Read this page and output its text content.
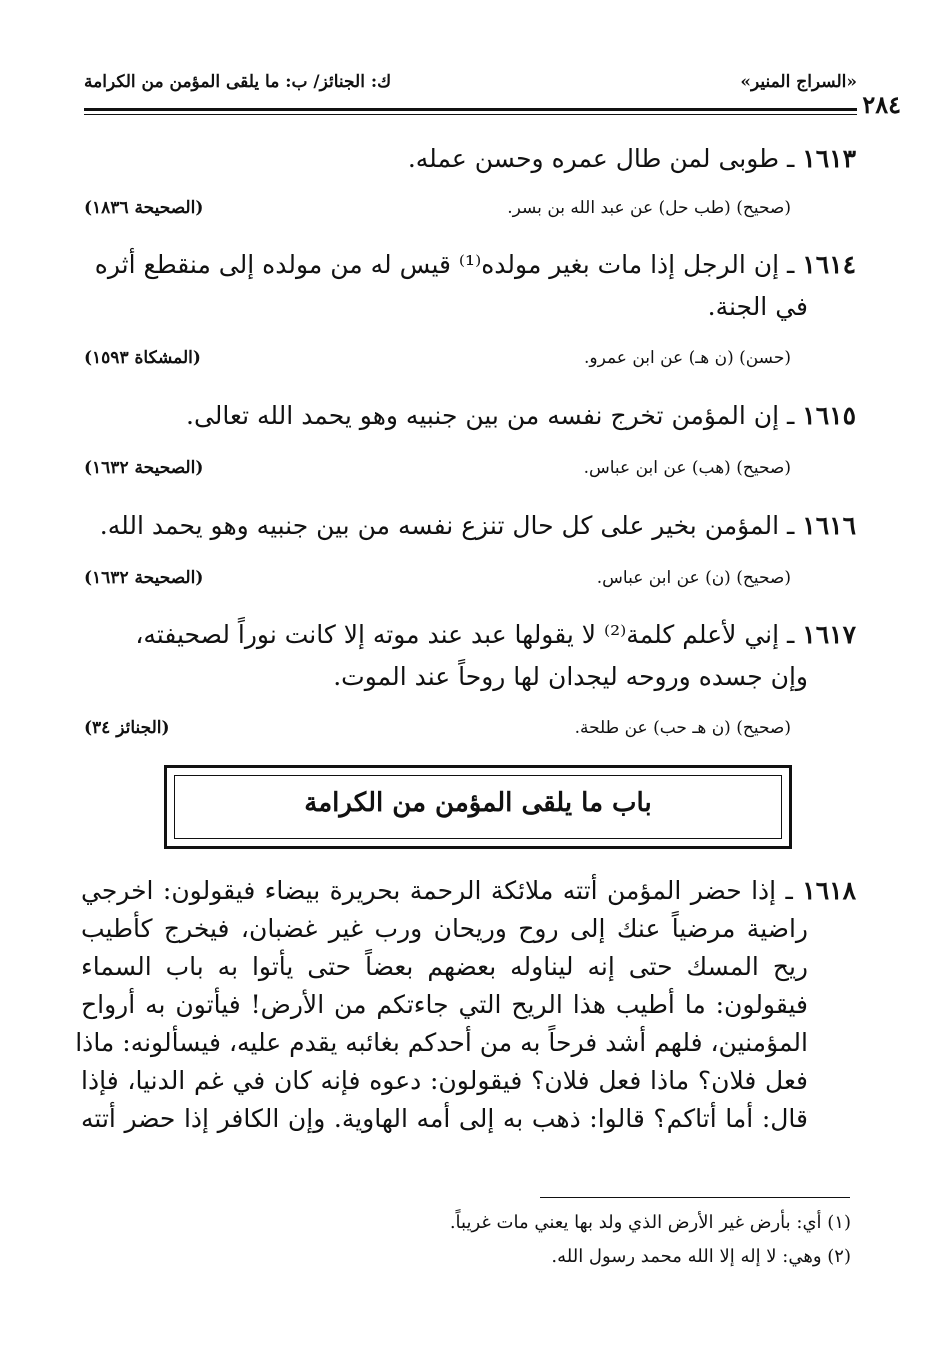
«السراج المنير»
ك: الجنائز/ ب: ما يلقى المؤمن من الكرامة
٢٨٤
١٦١٣ ـ طوبى لمن طال عمره وحسن عمله.
(صحيح) (طب حل) عن عبد الله بن بسر.
(الصحيحة ١٨٣٦)
١٦١٤ ـ إن الرجل إذا مات بغير مولده⁽¹⁾ قيس له من مولده إلى منقطع أثره
في الجنة.
(حسن) (ن هـ) عن ابن عمرو.
(المشكاة ١٥٩٣)
١٦١٥ ـ إن المؤمن تخرج نفسه من بين جنبيه وهو يحمد الله تعالى.
(صحيح) (هب) عن ابن عباس.
(الصحيحة ١٦٣٢)
١٦١٦ ـ المؤمن بخير على كل حال تنزع نفسه من بين جنبيه وهو يحمد الله.
(صحيح) (ن) عن ابن عباس.
(الصحيحة ١٦٣٢)
١٦١٧ ـ إني لأعلم كلمة⁽²⁾ لا يقولها عبد عند موته إلا كانت نوراً لصحيفته،
وإن جسده وروحه ليجدان لها روحاً عند الموت.
(صحيح) (ن هـ حب) عن طلحة.
(الجنائز ٣٤)
باب ما يلقى المؤمن من الكرامة
١٦١٨ ـ إذا حضر المؤمن أتته ملائكة الرحمة بحريرة بيضاء فيقولون: اخرجي
راضية مرضياً عنك إلى روح وريحان ورب غير غضبان، فيخرج كأطيب
ريح المسك حتى إنه ليناوله بعضهم بعضاً حتى يأتوا به باب السماء
فيقولون: ما أطيب هذا الريح التي جاءتكم من الأرض! فيأتون به أرواح
المؤمنين، فلهم أشد فرحاً به من أحدكم بغائبه يقدم عليه، فيسألونه: ماذا
فعل فلان؟ ماذا فعل فلان؟ فيقولون: دعوه فإنه كان في غم الدنيا، فإذا
قال: أما أتاكم؟ قالوا: ذهب به إلى أمه الهاوية. وإن الكافر إذا حضر أتته
(١) أي: بأرض غير الأرض الذي ولد بها يعني مات غريباً.
(٢) وهي: لا إله إلا الله محمد رسول الله.
